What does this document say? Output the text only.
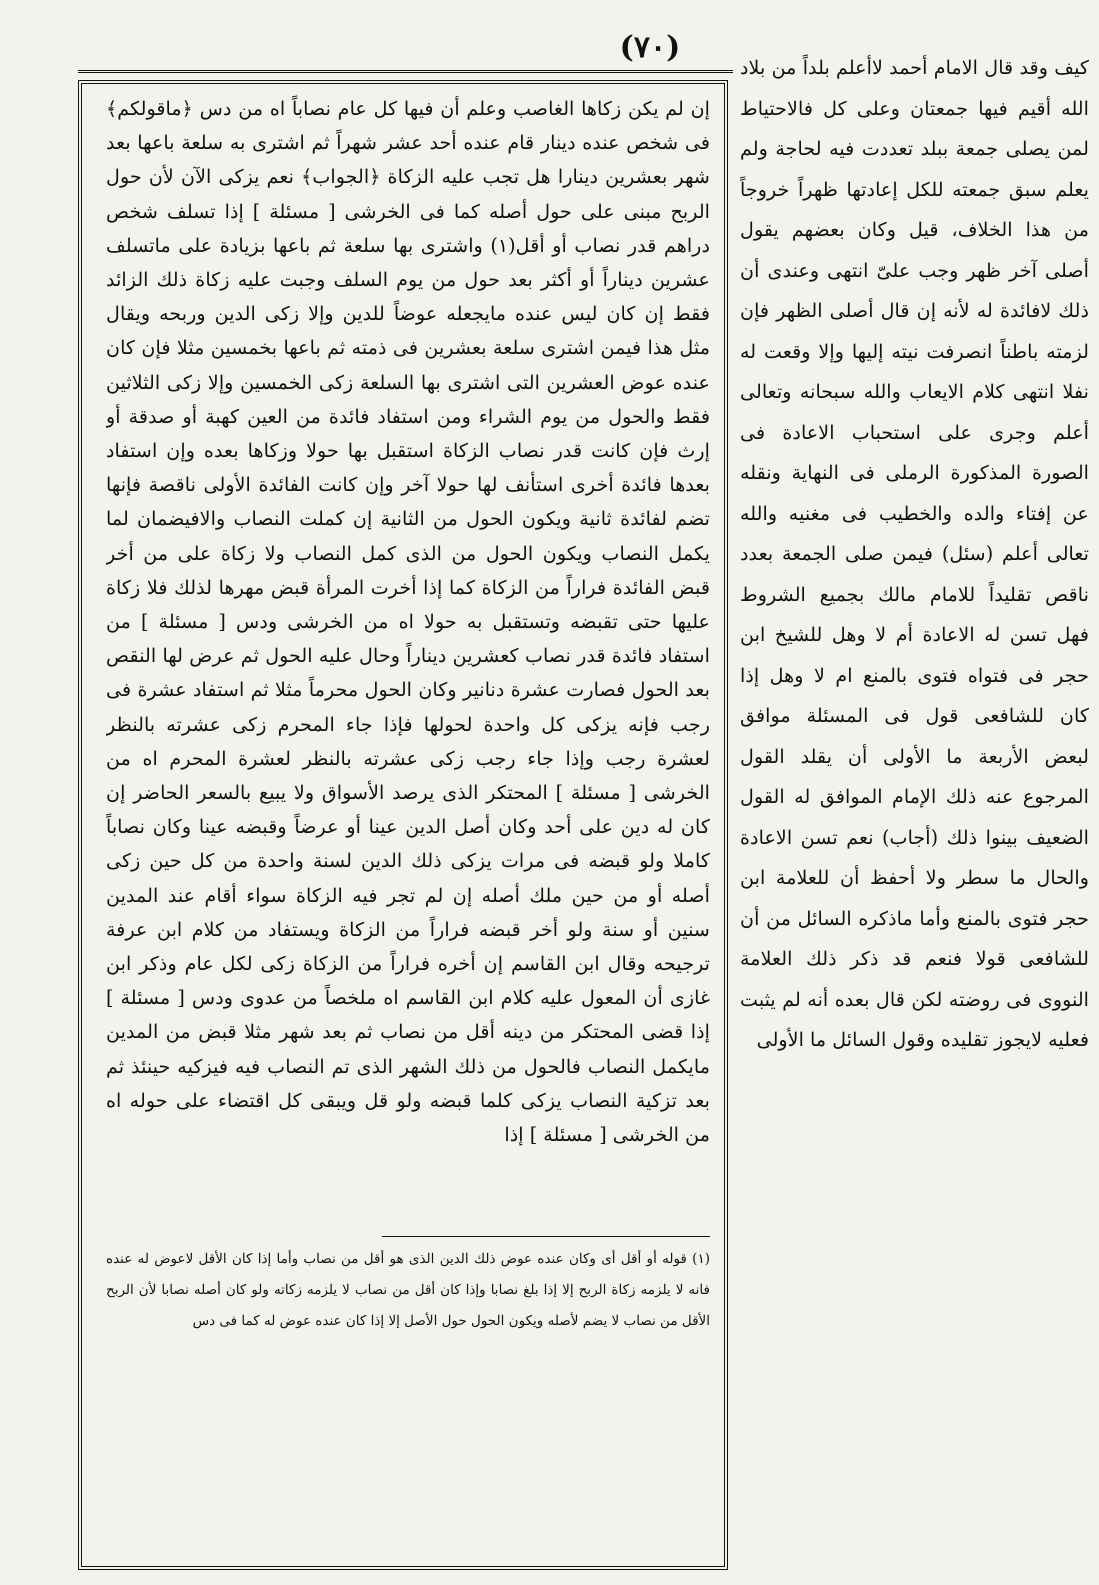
(٧٠)
إن لم يكن زكاها الغاصب وعلم أن فيها كل عام نصاباً اه من دس ﴿ماقولكم﴾ فى شخص عنده دينار قام عنده أحد عشر شهراً ثم اشترى به سلعة باعها بعد شهر بعشرين دينارا هل تجب عليه الزكاة ﴿الجواب﴾ نعم يزكى الآن لأن حول الربح مبنى على حول أصله كما فى الخرشى [ مسئلة ] إذا تسلف شخص دراهم قدر نصاب أو أقل(١) واشترى بها سلعة ثم باعها بزيادة على ماتسلف عشرين ديناراً أو أكثر بعد حول من يوم السلف وجبت عليه زكاة ذلك الزائد فقط إن كان ليس عنده مايجعله عوضاً للدين وإلا زكى الدين وربحه ويقال مثل هذا فيمن اشترى سلعة بعشرين فى ذمته ثم باعها بخمسين مثلا فإن كان عنده عوض العشرين التى اشترى بها السلعة زكى الخمسين وإلا زكى الثلاثين فقط والحول من يوم الشراء ومن استفاد فائدة من العين كهبة أو صدقة أو إرث فإن كانت قدر نصاب الزكاة استقبل بها حولا وزكاها بعده وإن استفاد بعدها فائدة أخرى استأنف لها حولا آخر وإن كانت الفائدة الأولى ناقصة فإنها تضم لفائدة ثانية ويكون الحول من الثانية إن كملت النصاب والافيضمان لما يكمل النصاب ويكون الحول من الذى كمل النصاب ولا زكاة على من أخر قبض الفائدة فراراً من الزكاة كما إذا أخرت المرأة قبض مهرها لذلك فلا زكاة عليها حتى تقبضه وتستقبل به حولا اه من الخرشى ودس [ مسئلة ] من استفاد فائدة قدر نصاب كعشرين ديناراً وحال عليه الحول ثم عرض لها النقص بعد الحول فصارت عشرة دنانير وكان الحول محرماً مثلا ثم استفاد عشرة فى رجب فإنه يزكى كل واحدة لحولها فإذا جاء المحرم زكى عشرته بالنظر لعشرة رجب وإذا جاء رجب زكى عشرته بالنظر لعشرة المحرم اه من الخرشى [ مسئلة ] المحتكر الذى يرصد الأسواق ولا يبيع بالسعر الحاضر إن كان له دين على أحد وكان أصل الدين عينا أو عرضاً وقبضه عينا وكان نصاباً كاملا ولو قبضه فى مرات يزكى ذلك الدين لسنة واحدة من كل حين زكى أصله أو من حين ملك أصله إن لم تجر فيه الزكاة سواء أقام عند المدين سنين أو سنة ولو أخر قبضه فراراً من الزكاة ويستفاد من كلام ابن عرفة ترجيحه وقال ابن القاسم إن أخره فراراً من الزكاة زكى لكل عام وذكر ابن غازى أن المعول عليه كلام ابن القاسم اه ملخصاً من عدوى ودس [ مسئلة ] إذا قضى المحتكر من دينه أقل من نصاب ثم بعد شهر مثلا قبض من المدين مايكمل النصاب فالحول من ذلك الشهر الذى تم النصاب فيه فيزكيه حينئذ ثم بعد تزكية النصاب يزكى كلما قبضه ولو قل ويبقى كل اقتضاء على حوله اه من الخرشى [ مسئلة ] إذا
(١) قوله أو أقل أى وكان عنده عوض ذلك الدين الذى هو أقل من نصاب وأما إذا كان الأقل لاعوض له عنده فانه لا يلزمه زكاة الربح إلا إذا بلغ نصابا وإذا كان أقل من نصاب لا يلزمه زكاته ولو كان أصله نصابا لأن الربح الأقل من نصاب لا يضم لأصله ويكون الحول حول الأصل إلا إذا كان عنده عوض له كما فى دس
كيف وقد قال الامام أحمد لاأعلم بلداً من بلاد الله أقيم فيها جمعتان وعلى كل فالاحتياط لمن يصلى جمعة ببلد تعددت فيه لحاجة ولم يعلم سبق جمعته للكل إعادتها ظهراً خروجاً من هذا الخلاف، قيل وكان بعضهم يقول أصلى آخر ظهر وجب علىّ انتهى وعندى أن ذلك لافائدة له لأنه إن قال أصلى الظهر فإن لزمته باطناً انصرفت نيته إليها وإلا وقعت له نفلا انتهى كلام الايعاب والله سبحانه وتعالى أعلم وجرى على استحباب الاعادة فى الصورة المذكورة الرملى فى النهاية ونقله عن إفتاء والده والخطيب فى مغنيه والله تعالى أعلم (سئل) فيمن صلى الجمعة بعدد ناقص تقليداً للامام مالك بجميع الشروط فهل تسن له الاعادة أم لا وهل للشيخ ابن حجر فى فتواه فتوى بالمنع ام لا وهل إذا كان للشافعى قول فى المسئلة موافق لبعض الأربعة ما الأولى أن يقلد القول المرجوع عنه ذلك الإمام الموافق له القول الضعيف بينوا ذلك (أجاب) نعم تسن الاعادة والحال ما سطر ولا أحفظ أن للعلامة ابن حجر فتوى بالمنع وأما ماذكره السائل من أن للشافعى قولا فنعم قد ذكر ذلك العلامة النووى فى روضته لكن قال بعده أنه لم يثبت فعليه لايجوز تقليده وقول السائل ما الأولى
